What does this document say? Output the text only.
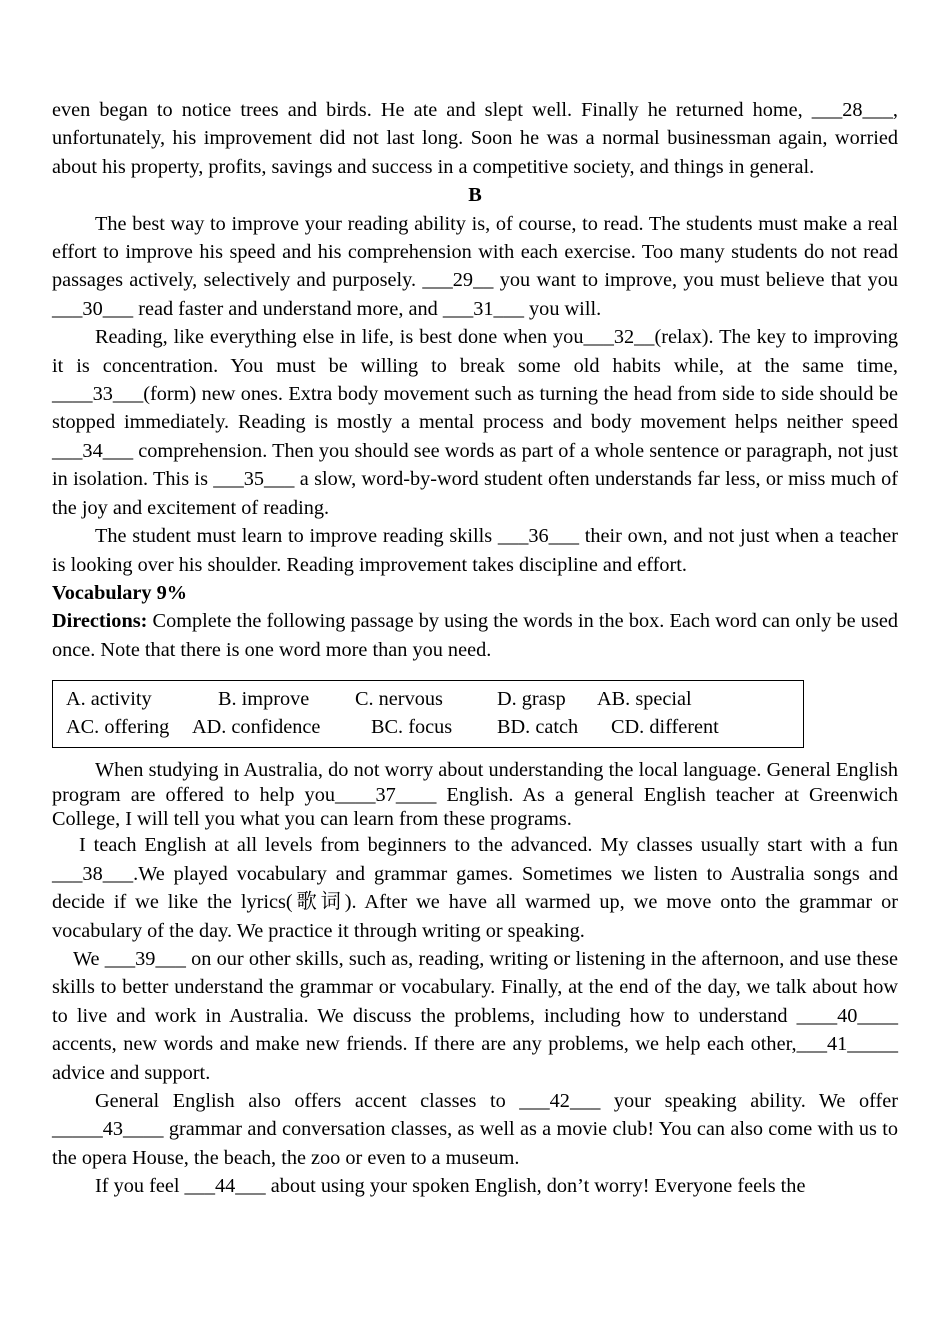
even began to notice trees and birds. He ate and slept well. Finally he returned home, ___28___, unfortunately, his improvement did not last long. Soon he was a normal businessman again, worried about his property, profits, savings and success in a competitive society, and things in general.

B

The best way to improve your reading ability is, of course, to read. The students must make a real effort to improve his speed and his comprehension with each exercise. Too many students do not read passages actively, selectively and purposely. ___29__ you want to improve, you must believe that you ___30___ read faster and understand more, and ___31___ you will.

Reading, like everything else in life, is best done when you___32__(relax). The key to improving it is concentration. You must be willing to break some old habits while, at the same time, ____33___(form) new ones. Extra body movement such as turning the head from side to side should be stopped immediately. Reading is mostly a mental process and body movement helps neither speed ___34___ comprehension. Then you should see words as part of a whole sentence or paragraph, not just in isolation. This is ___35___ a slow, word-by-word student often understands far less, or miss much of the joy and excitement of reading.

The student must learn to improve reading skills ___36___ their own, and not just when a teacher is looking over his shoulder. Reading improvement takes discipline and effort.

Vocabulary 9%

Directions: Complete the following passage by using the words in the box. Each word can only be used once. Note that there is one word more than you need.

A. activity	B. improve C. nervous	D. grasp AB. special
AC. offering AD. confidence BC. focus BD. catch CD. different

When studying in Australia, do not worry about understanding the local language. General English program are offered to help you____37____ English. As a general English teacher at Greenwich College, I will tell you what you can learn from these programs.

I teach English at all levels from beginners to the advanced. My classes usually start with a fun ___38___.We played vocabulary and grammar games. Sometimes we listen to Australia songs and decide if we like the lyrics(歌词). After we have all warmed up, we move onto the grammar or vocabulary of the day. We practice it through writing or speaking.

We ___39___ on our other skills, such as, reading, writing or listening in the afternoon, and use these skills to better understand the grammar or vocabulary. Finally, at the end of the day, we talk about how to live and work in Australia. We discuss the problems, including how to understand ____40____ accents, new words and make new friends. If there are any problems, we help each other,___41_____ advice and support.

General English also offers accent classes to ___42___ your speaking ability. We offer _____43____ grammar and conversation classes, as well as a movie club! You can also come with us to the opera House, the beach, the zoo or even to a museum.

If you feel ___44___ about using your spoken English, don’t worry! Everyone feels the
